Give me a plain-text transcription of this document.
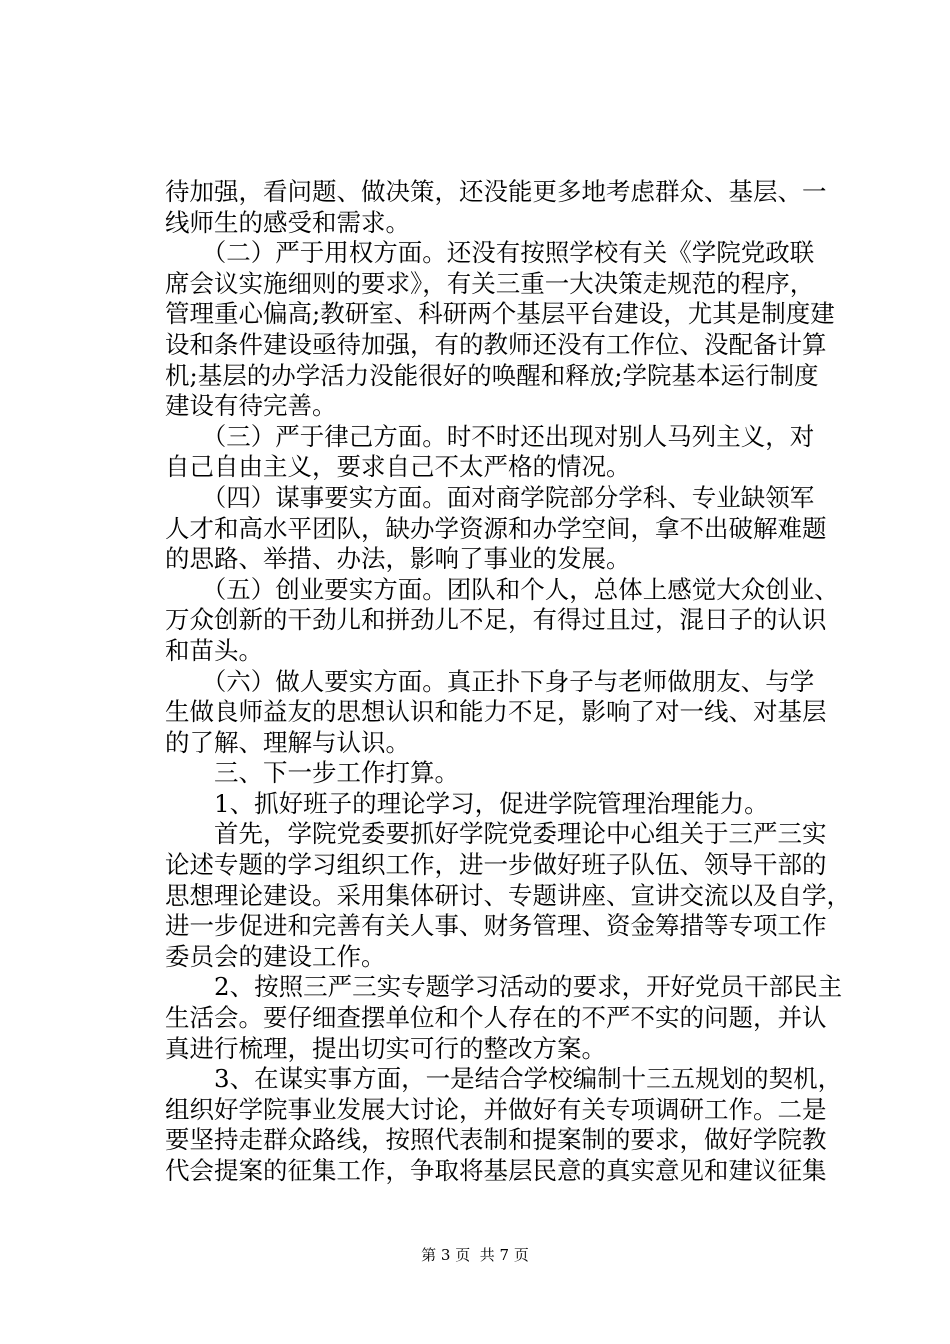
待加强，看问题、做决策，还没能更多地考虑群众、基层、一
线师生的感受和需求。
　　（二）严于用权方面。还没有按照学校有关《学院党政联
席会议实施细则的要求》，有关三重一大决策走规范的程序，
管理重心偏高;教研室、科研两个基层平台建设，尤其是制度建
设和条件建设亟待加强，有的教师还没有工作位、没配备计算
机;基层的办学活力没能很好的唤醒和释放;学院基本运行制度
建设有待完善。
　　（三）严于律己方面。时不时还出现对别人马列主义，对
自己自由主义，要求自己不太严格的情况。
　　（四）谋事要实方面。面对商学院部分学科、专业缺领军
人才和高水平团队，缺办学资源和办学空间，拿不出破解难题
的思路、举措、办法，影响了事业的发展。
　　（五）创业要实方面。团队和个人，总体上感觉大众创业、
万众创新的干劲儿和拼劲儿不足，有得过且过，混日子的认识
和苗头。
　　（六）做人要实方面。真正扑下身子与老师做朋友、与学
生做良师益友的思想认识和能力不足，影响了对一线、对基层
的了解、理解与认识。
　　三、下一步工作打算。
　　1、抓好班子的理论学习，促进学院管理治理能力。
　　首先，学院党委要抓好学院党委理论中心组关于三严三实
论述专题的学习组织工作，进一步做好班子队伍、领导干部的
思想理论建设。采用集体研讨、专题讲座、宣讲交流以及自学，
进一步促进和完善有关人事、财务管理、资金筹措等专项工作
委员会的建设工作。
　　2、按照三严三实专题学习活动的要求，开好党员干部民主
生活会。要仔细查摆单位和个人存在的不严不实的问题，并认
真进行梳理，提出切实可行的整改方案。
　　3、在谋实事方面，一是结合学校编制十三五规划的契机，
组织好学院事业发展大讨论，并做好有关专项调研工作。二是
要坚持走群众路线，按照代表制和提案制的要求，做好学院教
代会提案的征集工作，争取将基层民意的真实意见和建议征集
第 3 页  共 7 页
